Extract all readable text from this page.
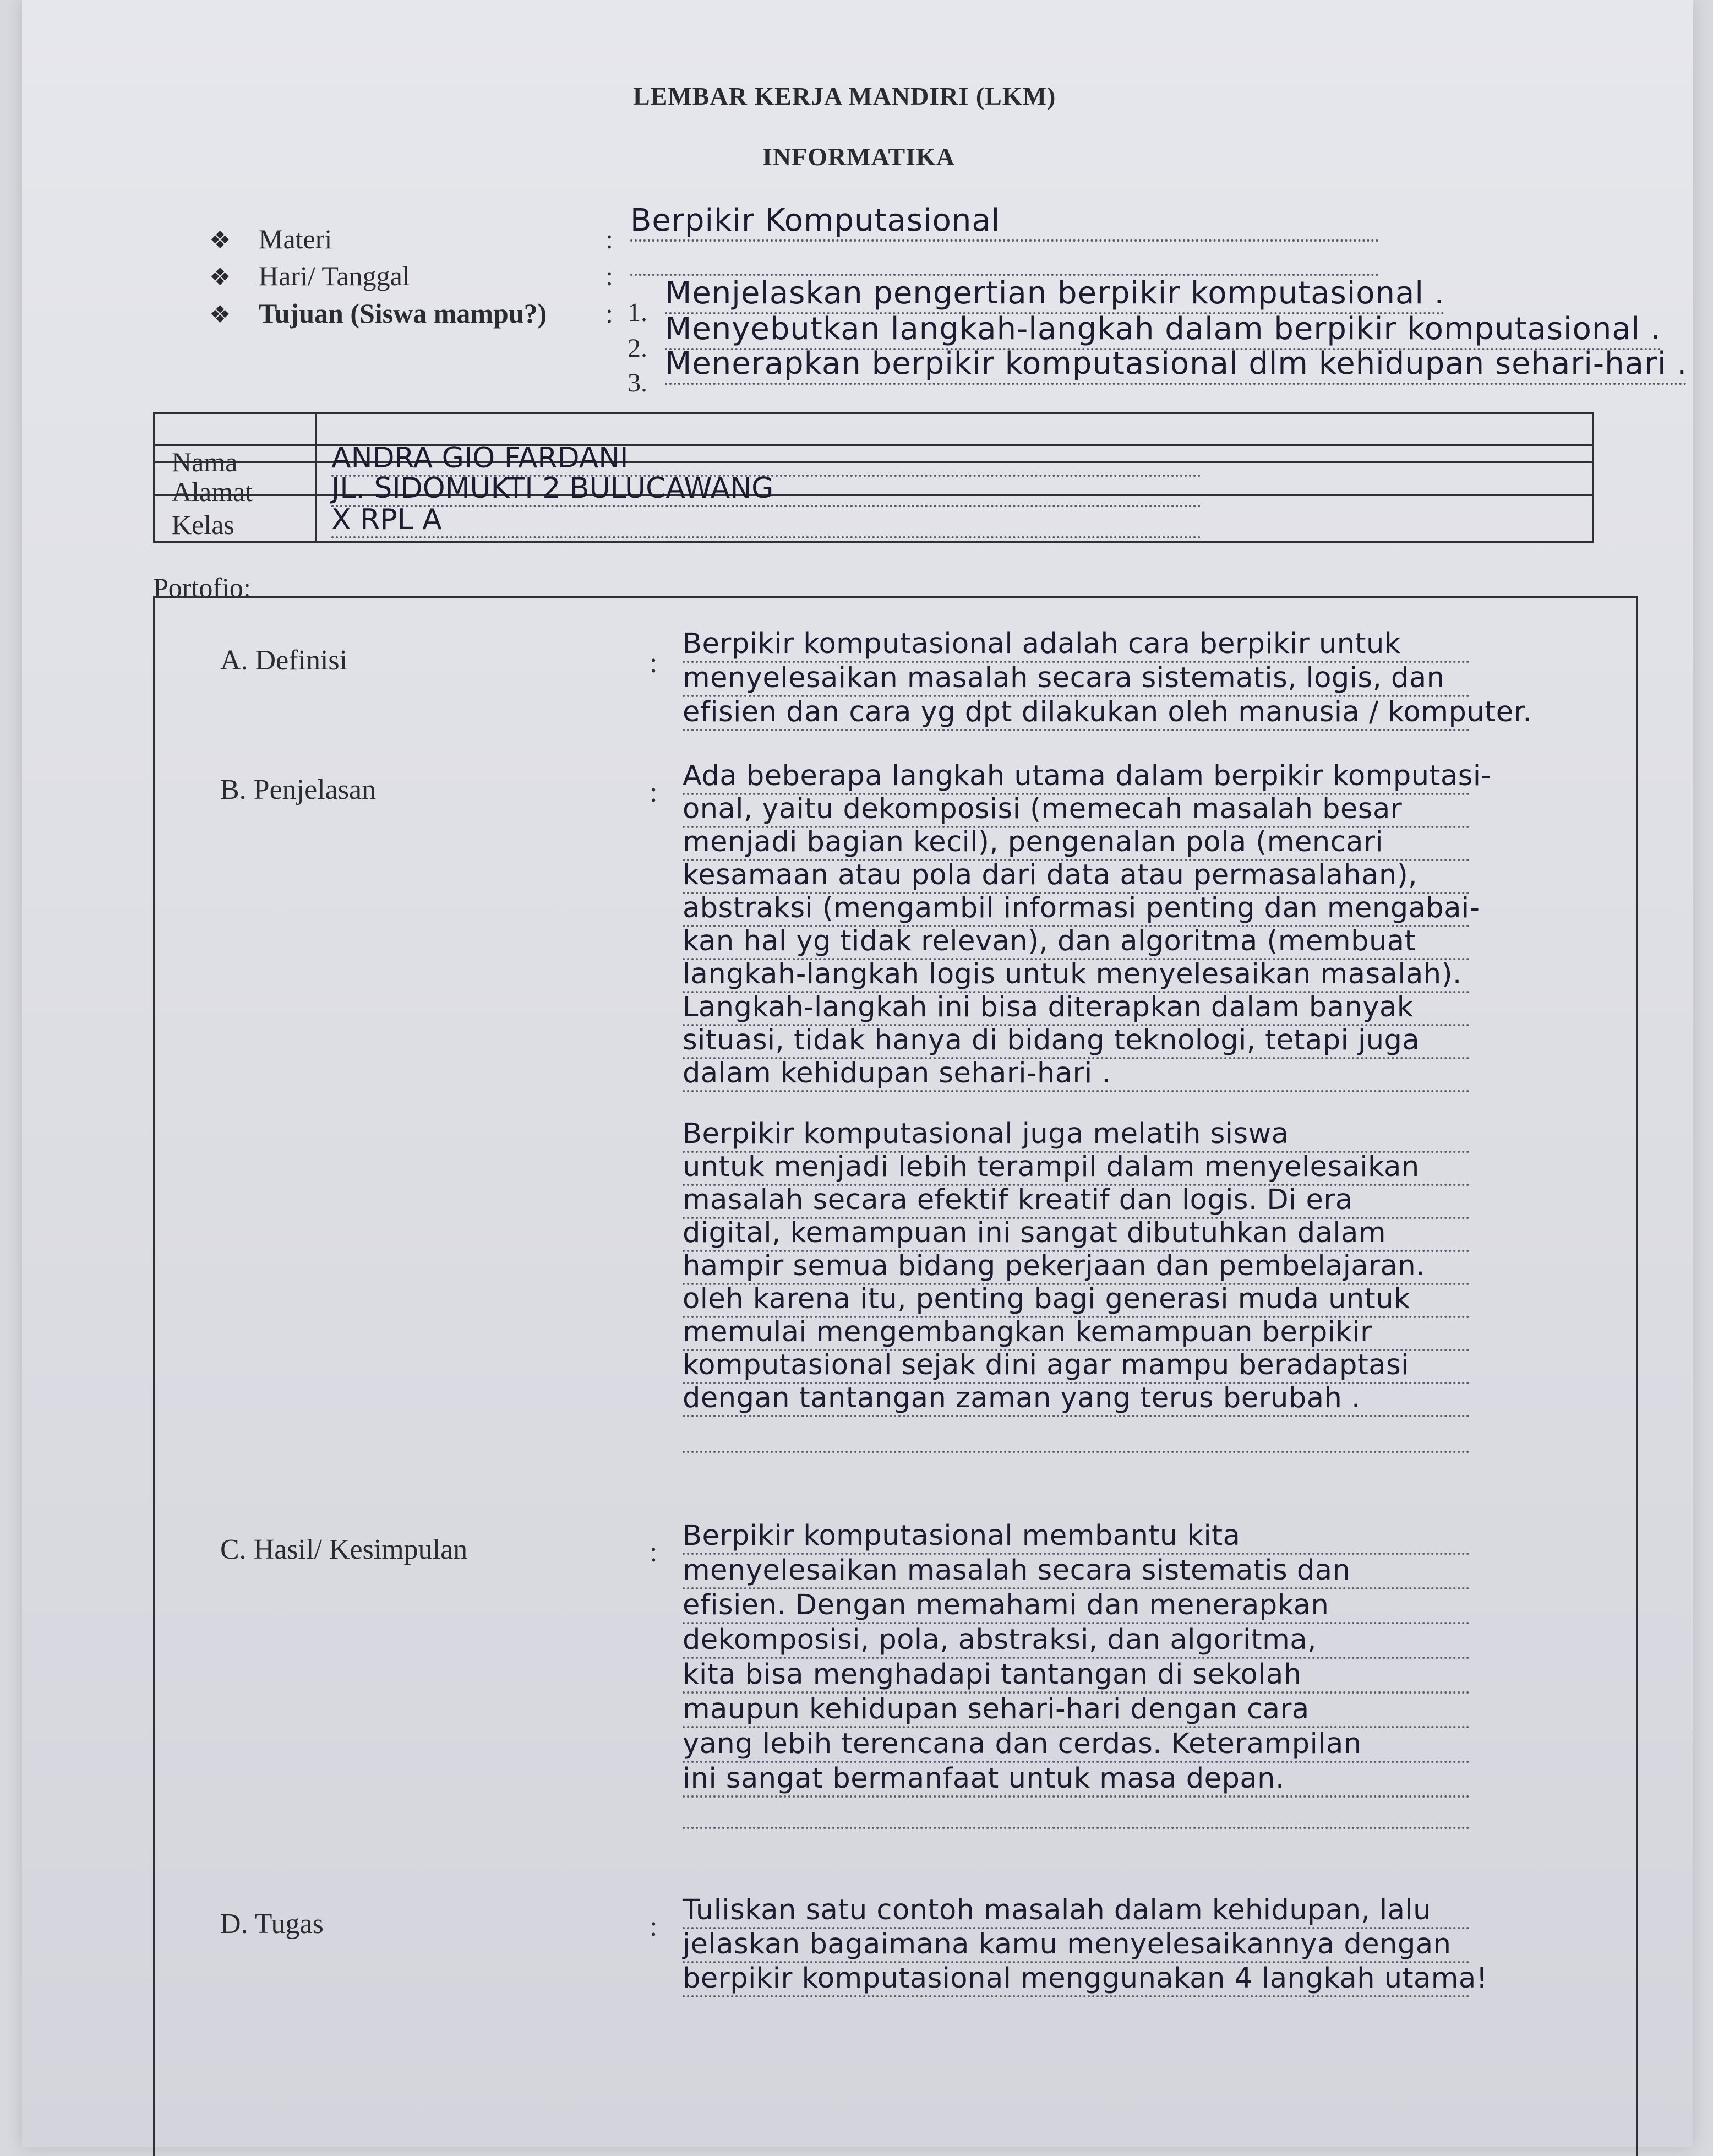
LEMBAR KERJA MANDIRI (LKM)
INFORMATIKA
❖	Materi	:
Berpikir Komputasional
❖	Hari/ Tanggal	:
❖	Tujuan (Siswa mampu?)	: 1.
Menjelaskan pengertian berpikir komputasional .
2.
Menyebutkan langkah-langkah dalam berpikir komputasional .
3.
Menerapkan berpikir komputasional dlm kehidupan sehari-hari .
Nama	ANDRA GIO FARDANI
Alamat	JL. SIDOMUKTI 2 BULUCAWANG
Kelas	X RPL A
Portofio:
A. Definisi	:
Berpikir komputasional adalah cara berpikir untuk
menyelesaikan masalah secara sistematis, logis, dan
efisien dan cara yg dpt dilakukan oleh manusia / komputer.
B. Penjelasan	:
Ada beberapa langkah utama dalam berpikir komputasi-
onal, yaitu dekomposisi (memecah masalah besar
menjadi bagian kecil), pengenalan pola (mencari
kesamaan atau pola dari data atau permasalahan),
abstraksi (mengambil informasi penting dan mengabai-
kan hal yg tidak relevan), dan algoritma (membuat
langkah-langkah logis untuk menyelesaikan masalah).
Langkah-langkah ini bisa diterapkan dalam banyak
situasi, tidak hanya di bidang teknologi, tetapi juga
dalam kehidupan sehari-hari .
Berpikir komputasional juga melatih siswa
untuk menjadi lebih terampil dalam menyelesaikan
masalah secara efektif kreatif dan logis. Di era
digital, kemampuan ini sangat dibutuhkan dalam
hampir semua bidang pekerjaan dan pembelajaran.
oleh karena itu, penting bagi generasi muda untuk
memulai mengembangkan kemampuan berpikir
komputasional sejak dini agar mampu beradaptasi
dengan tantangan zaman yang terus berubah .
C. Hasil/ Kesimpulan	:
Berpikir komputasional membantu kita
menyelesaikan masalah secara sistematis dan
efisien. Dengan memahami dan menerapkan
dekomposisi, pola, abstraksi, dan algoritma,
kita bisa menghadapi tantangan di sekolah
maupun kehidupan sehari-hari dengan cara
yang lebih terencana dan cerdas. Keterampilan
ini sangat bermanfaat untuk masa depan.
D. Tugas	:
Tuliskan satu contoh masalah dalam kehidupan, lalu
jelaskan bagaimana kamu menyelesaikannya dengan
berpikir komputasional menggunakan 4 langkah utama!
